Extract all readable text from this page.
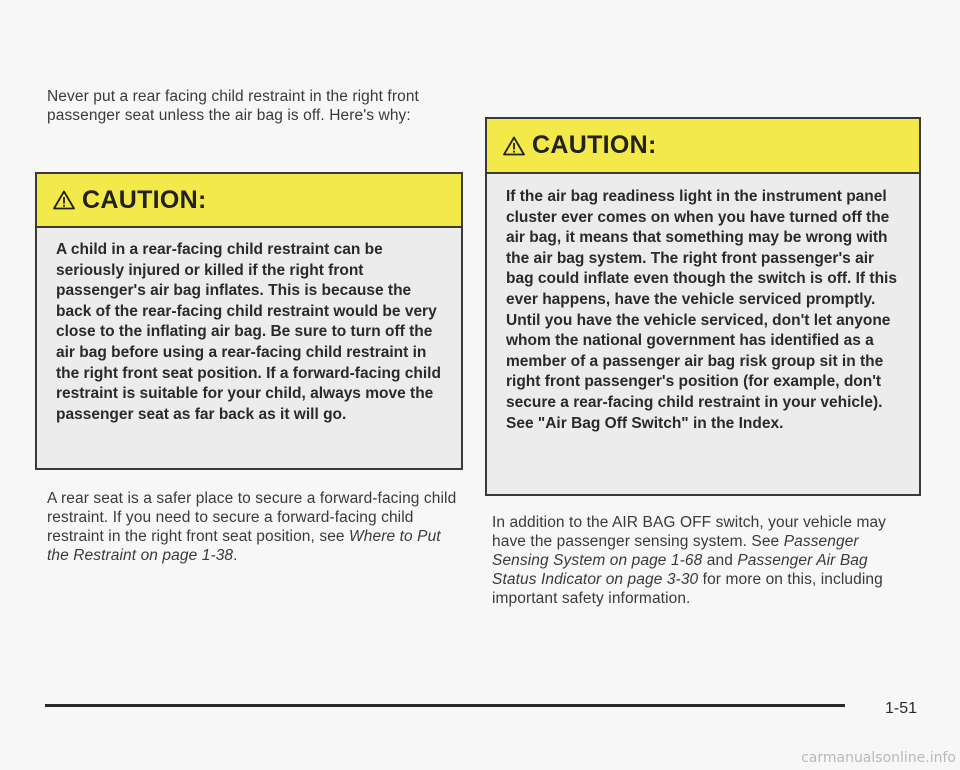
Never put a rear facing child restraint in the right front passenger seat unless the air bag is off. Here's why:

CAUTION:
A child in a rear-facing child restraint can be seriously injured or killed if the right front passenger's air bag inflates. This is because the back of the rear-facing child restraint would be very close to the inflating air bag. Be sure to turn off the air bag before using a rear-facing child restraint in the right front seat position. If a forward-facing child restraint is suitable for your child, always move the passenger seat as far back as it will go.

A rear seat is a safer place to secure a forward-facing child restraint. If you need to secure a forward-facing child restraint in the right front seat position, see Where to Put the Restraint on page 1-38.

CAUTION:
If the air bag readiness light in the instrument panel cluster ever comes on when you have turned off the air bag, it means that something may be wrong with the air bag system. The right front passenger's air bag could inflate even though the switch is off. If this ever happens, have the vehicle serviced promptly. Until you have the vehicle serviced, don't let anyone whom the national government has identified as a member of a passenger air bag risk group sit in the right front passenger's position (for example, don't secure a rear-facing child restraint in your vehicle). See "Air Bag Off Switch" in the Index.

In addition to the AIR BAG OFF switch, your vehicle may have the passenger sensing system. See Passenger Sensing System on page 1-68 and Passenger Air Bag Status Indicator on page 3-30 for more on this, including important safety information.

1-51
carmanualsonline.info
